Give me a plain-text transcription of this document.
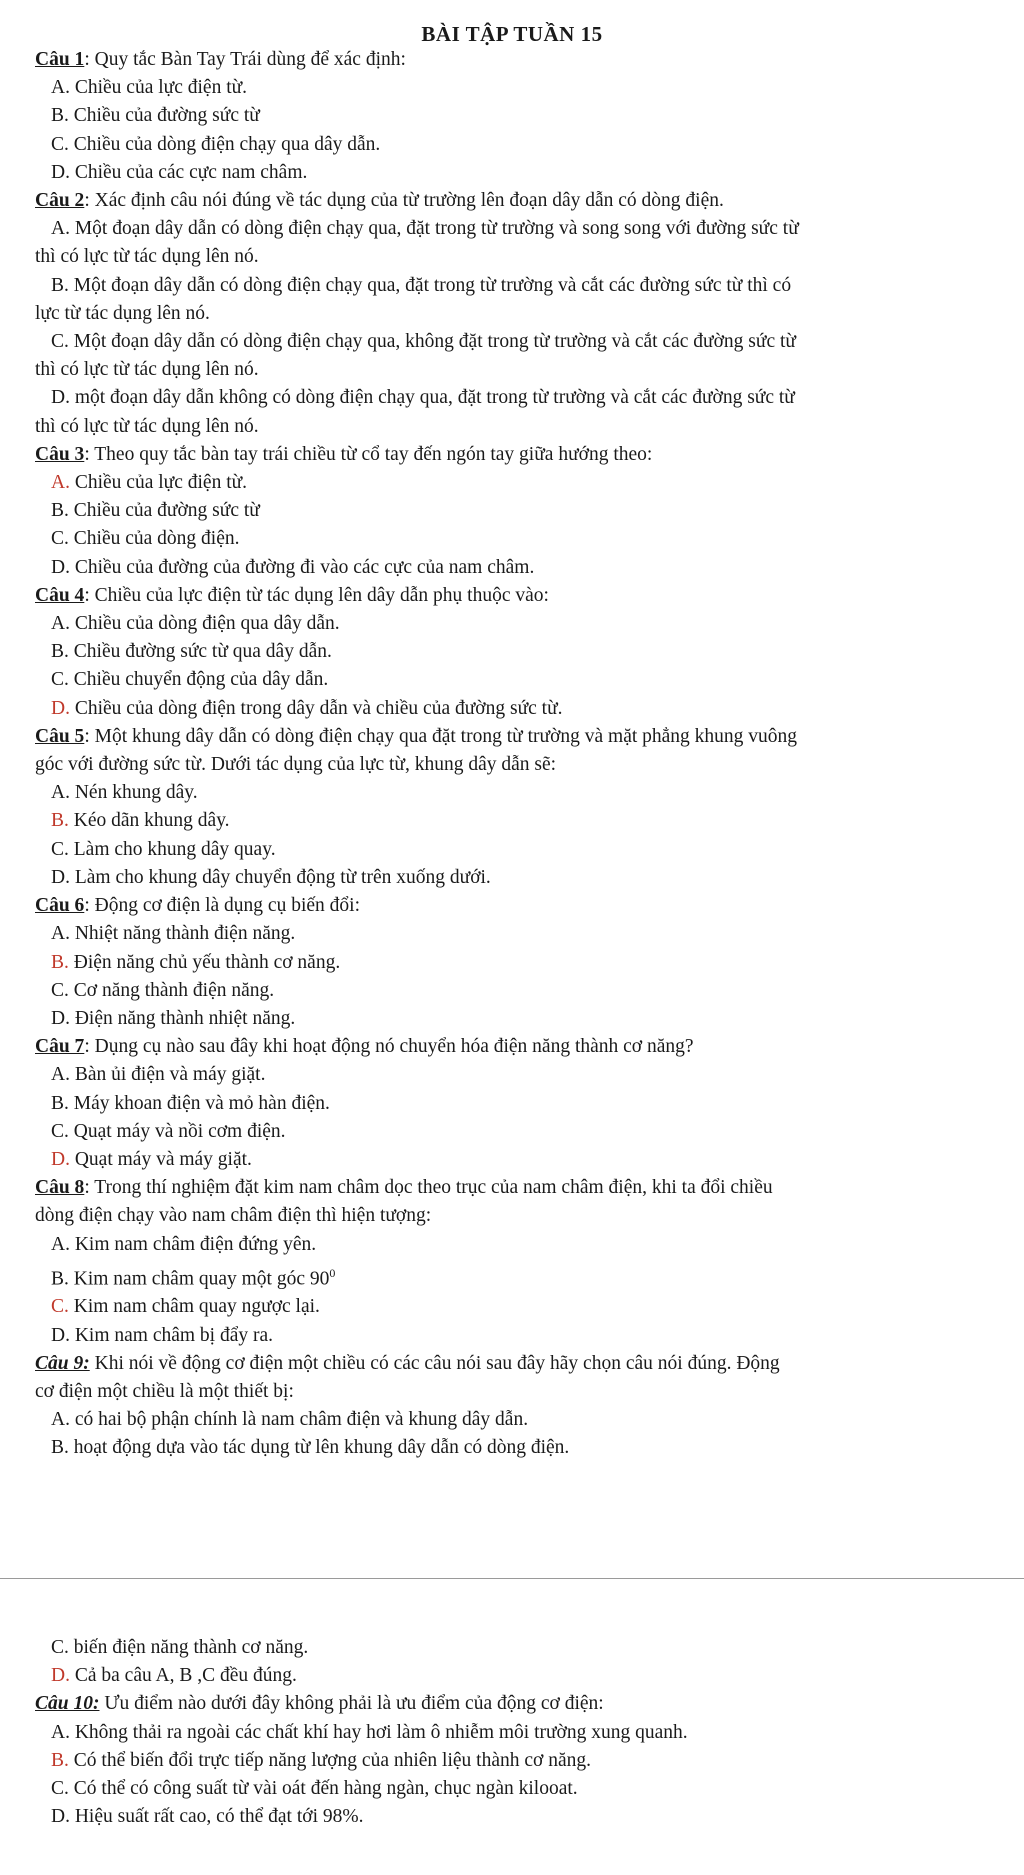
BÀI TẬP TUẦN 15

Câu 1: Quy tắc Bàn Tay Trái dùng để xác định:

A. Chiều của lực điện từ.

B. Chiều của đường sức từ

C. Chiều của dòng điện chạy qua dây dẫn.

D. Chiều của các cực nam châm.

Câu 2: Xác định câu nói đúng về tác dụng của từ trường lên đoạn dây dẫn có dòng điện.

A. Một đoạn dây dẫn có dòng điện chạy qua, đặt trong từ trường và song song với đường sức từ

thì có lực từ tác dụng lên nó.

B. Một đoạn dây dẫn có dòng điện chạy qua, đặt trong từ trường và cắt các đường sức từ thì có

lực từ tác dụng lên nó.

C. Một đoạn dây dẫn có dòng điện chạy qua, không đặt trong từ trường và cắt các đường sức từ

thì có lực từ tác dụng lên nó.

D. một đoạn dây dẫn không có dòng điện chạy qua, đặt trong từ trường và cắt các đường sức từ

thì có lực từ tác dụng lên nó.

Câu 3: Theo quy tắc bàn tay trái chiều từ cổ tay đến ngón tay giữa hướng theo:

A. Chiều của lực điện từ.

B. Chiều của đường sức từ

C. Chiều của dòng điện.

D. Chiều của đường của đường đi vào các cực của nam châm.

Câu 4: Chiều của lực điện từ tác dụng lên dây dẫn phụ thuộc vào:

A. Chiều của dòng điện qua dây dẫn.

B. Chiều đường sức từ qua dây dẫn.

C. Chiều chuyển động của dây dẫn.

D. Chiều của dòng điện trong dây dẫn và chiều của đường sức từ.

Câu 5: Một khung dây dẫn có dòng điện chạy qua đặt trong từ trường và mặt phẳng khung vuông

góc với đường sức từ. Dưới tác dụng của lực từ, khung dây dẫn sẽ:

A. Nén khung dây.

B. Kéo dãn khung dây.

C. Làm cho khung dây quay.

D. Làm cho khung dây chuyển động từ trên xuống dưới.

Câu 6: Động cơ điện là dụng cụ biến đổi:

A. Nhiệt năng thành điện năng.

B. Điện năng chủ yếu thành cơ năng.

C. Cơ năng thành điện năng.

D. Điện năng thành nhiệt năng.

Câu 7: Dụng cụ nào sau đây khi hoạt động nó chuyển hóa điện năng thành cơ năng?

A. Bàn ủi điện và máy giặt.

B. Máy khoan điện và mỏ hàn điện.

C. Quạt máy và nồi cơm điện.

D. Quạt máy và máy giặt.

Câu 8: Trong thí nghiệm đặt kim nam châm dọc theo trục của nam châm điện, khi ta đổi chiều

dòng điện chạy vào nam châm điện thì hiện tượng:

A. Kim nam châm điện đứng yên.

B. Kim nam châm quay một góc $90^0$

C. Kim nam châm quay ngược lại.

D. Kim nam châm bị đẩy ra.

Câu 9: Khi nói về động cơ điện một chiều có các câu nói sau đây hãy chọn câu nói đúng. Động

cơ điện một chiều là một thiết bị:

A. có hai bộ phận chính là nam châm điện và khung dây dẫn.

B. hoạt động dựa vào tác dụng từ lên khung dây dẫn có dòng điện.

C. biến điện năng thành cơ năng.

D. Cả ba câu A, B ,C đều đúng.

Câu 10: Ưu điểm nào dưới đây không phải là ưu điểm của động cơ điện:

A. Không thải ra ngoài các chất khí hay hơi làm ô nhiễm môi trường xung quanh.

B. Có thể biến đổi trực tiếp năng lượng của nhiên liệu thành cơ năng.

C. Có thể có công suất từ vài oát đến hàng ngàn, chục ngàn kilooat.

D. Hiệu suất rất cao, có thể đạt tới 98%.
